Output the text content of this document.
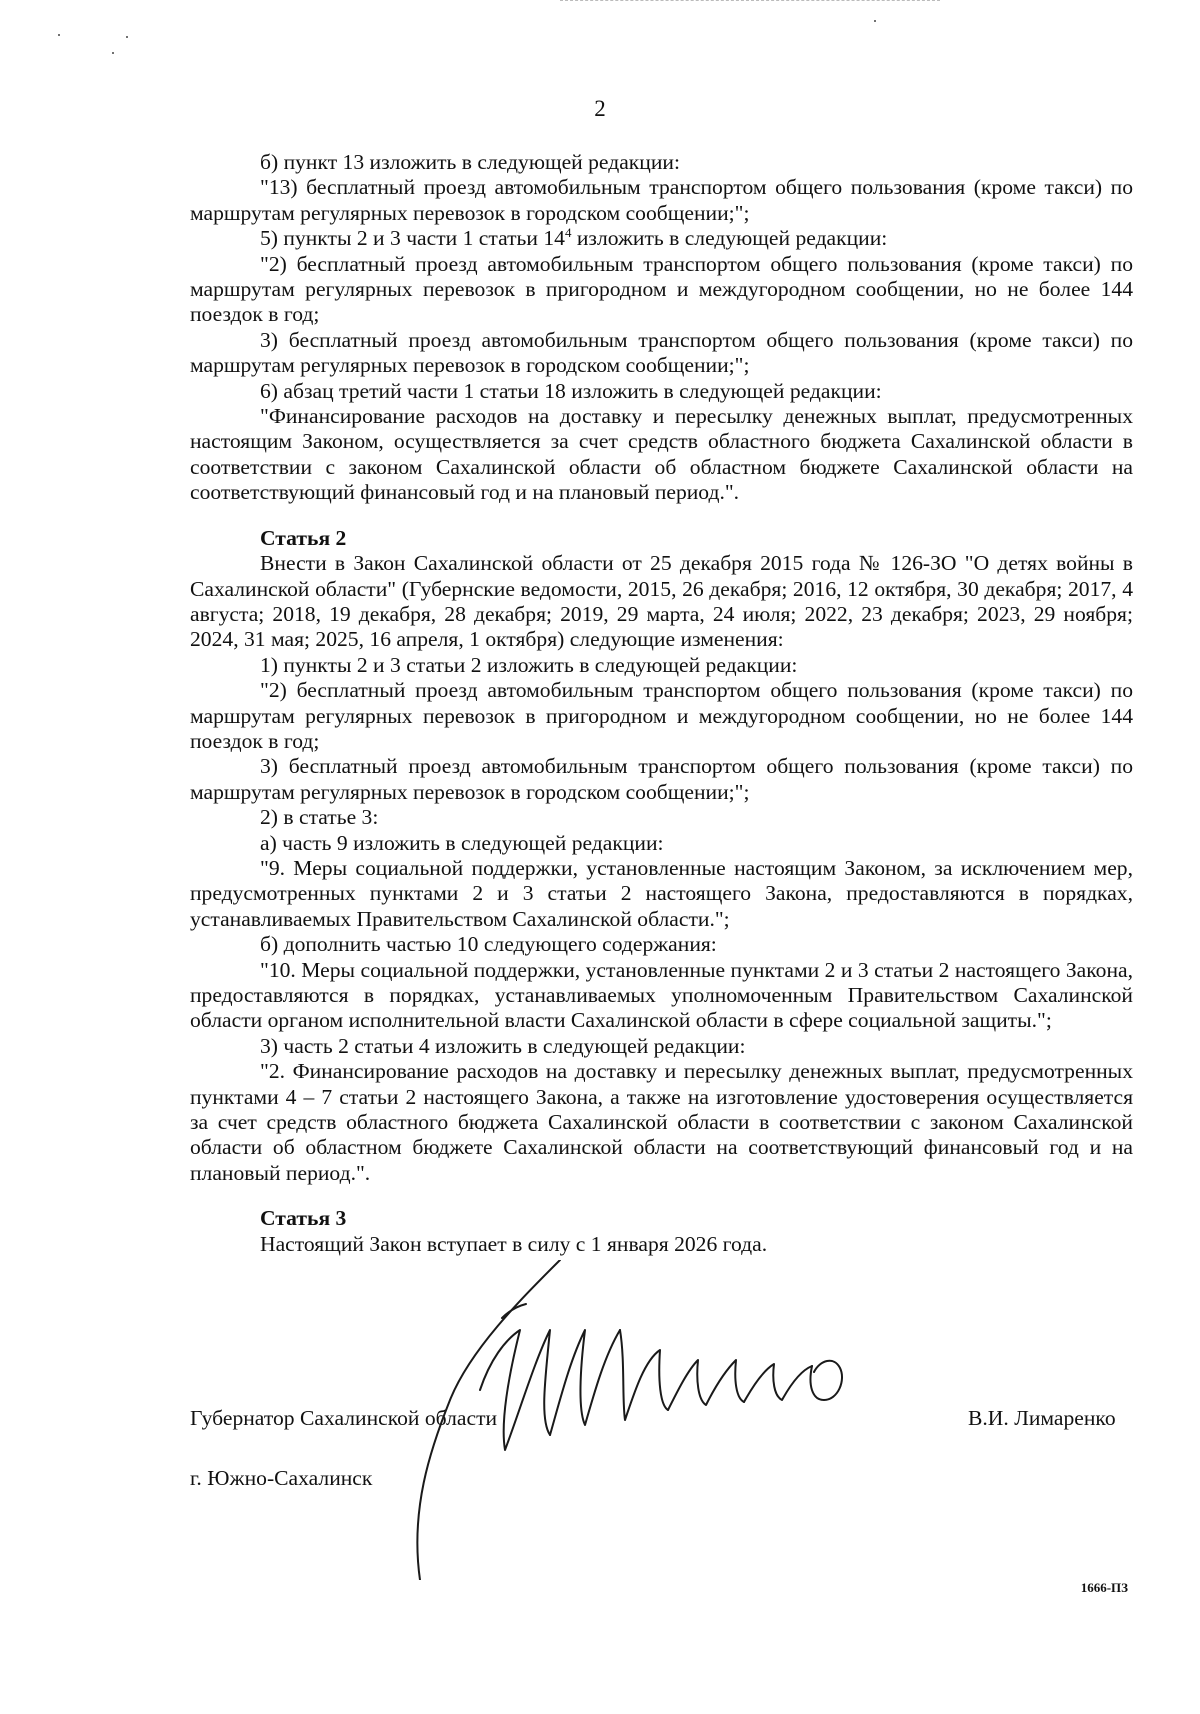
2

б) пункт 13 изложить в следующей редакции:

"13) бесплатный проезд автомобильным транспортом общего пользования (кроме такси) по маршрутам регулярных перевозок в городском сообщении;";

5) пункты 2 и 3 части 1 статьи $14^4$ изложить в следующей редакции:

"2) бесплатный проезд автомобильным транспортом общего пользования (кроме такси) по маршрутам регулярных перевозок в пригородном и междугородном сообщении, но не более 144 поездок в год;

3) бесплатный проезд автомобильным транспортом общего пользования (кроме такси) по маршрутам регулярных перевозок в городском сообщении;";

6) абзац третий части 1 статьи 18 изложить в следующей редакции:

"Финансирование расходов на доставку и пересылку денежных выплат, предусмотренных настоящим Законом, осуществляется за счет средств областного бюджета Сахалинской области в соответствии с законом Сахалинской области об областном бюджете Сахалинской области на соответствующий финансовый год и на плановый период.".

Статья 2

Внести в Закон Сахалинской области от 25 декабря 2015 года № 126-ЗО "О детях войны в Сахалинской области" (Губернские ведомости, 2015, 26 декабря; 2016, 12 октября, 30 декабря; 2017, 4 августа; 2018, 19 декабря, 28 декабря; 2019, 29 марта, 24 июля; 2022, 23 декабря; 2023, 29 ноября; 2024, 31 мая; 2025, 16 апреля, 1 октября) следующие изменения:

1) пункты 2 и 3 статьи 2 изложить в следующей редакции:

"2) бесплатный проезд автомобильным транспортом общего пользования (кроме такси) по маршрутам регулярных перевозок в пригородном и междугородном сообщении, но не более 144 поездок в год;

3) бесплатный проезд автомобильным транспортом общего пользования (кроме такси) по маршрутам регулярных перевозок в городском сообщении;";

2) в статье 3:

а) часть 9 изложить в следующей редакции:

"9. Меры социальной поддержки, установленные настоящим Законом, за исключением мер, предусмотренных пунктами 2 и 3 статьи 2 настоящего Закона, предоставляются в порядках, устанавливаемых Правительством Сахалинской области.";

б) дополнить частью 10 следующего содержания:

"10. Меры социальной поддержки, установленные пунктами 2 и 3 статьи 2 настоящего Закона, предоставляются в порядках, устанавливаемых уполномоченным Правительством Сахалинской области органом исполнительной власти Сахалинской области в сфере социальной защиты.";

3) часть 2 статьи 4 изложить в следующей редакции:

"2. Финансирование расходов на доставку и пересылку денежных выплат, предусмотренных пунктами 4 – 7 статьи 2 настоящего Закона, а также на изготовление удостоверения осуществляется за счет средств областного бюджета Сахалинской области в соответствии с законом Сахалинской области об областном бюджете Сахалинской области на соответствующий финансовый год и на плановый период.".

Статья 3

Настоящий Закон вступает в силу с 1 января 2026 года.

Губернатор Сахалинской области	В.И. Лимаренко
г. Южно-Сахалинск
1666-ПЗ
